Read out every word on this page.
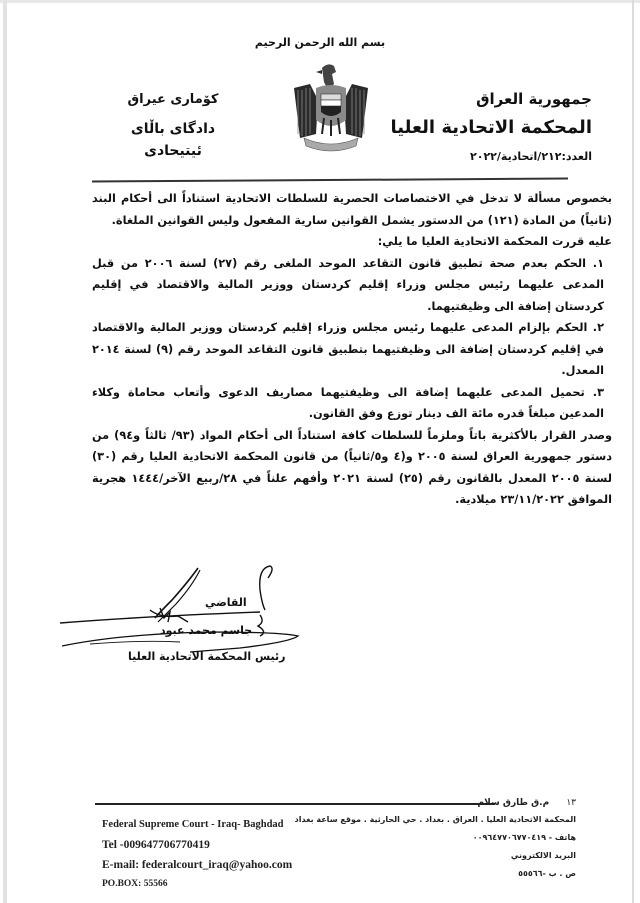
بسم الله الرحمن الرحيم
جمهورية العراق
المحكمة الاتحادية العليا
العدد:٢١٢/اتحادية/٢٠٢٢
کۆماری عیراق
دادگای باڵای ئیتیحادی

بخصوص مسألة لا تدخل في الاختصاصات الحصرية للسلطات الاتحادية استناداً الى أحكام البند (ثانياً) من المادة (١٢١) من الدستور يشمل القوانين سارية المفعول وليس القوانين الملغاة.

عليه قررت المحكمة الاتحادية العليا ما يلي:

١. الحكم بعدم صحة تطبيق قانون التقاعد الموحد الملغى رقم (٢٧) لسنة ٢٠٠٦ من قبل المدعى عليهما رئيس مجلس وزراء إقليم كردستان ووزير المالية والاقتصاد في إقليم كردستان إضافة الى وظيفتيهما.

٢. الحكم بإلزام المدعى عليهما رئيس مجلس وزراء إقليم كردستان ووزير المالية والاقتصاد في إقليم كردستان إضافة الى وظيفتيهما بتطبيق قانون التقاعد الموحد رقم (٩) لسنة ٢٠١٤ المعدل.

٣. تحميل المدعى عليهما إضافة الى وظيفتيهما مصاريف الدعوى وأتعاب محاماة وكلاء المدعين مبلغاً قدره مائة الف دينار توزع وفق القانون.

وصدر القرار بالأكثرية باتاً وملزماً للسلطات كافة استناداً الى أحكام المواد (٩٣/ ثالثاً و٩٤) من دستور جمهورية العراق لسنة ٢٠٠٥ و(٤ و٥/ثانياً) من قانون المحكمة الاتحادية العليا رقم (٣٠) لسنة ٢٠٠٥ المعدل بالقانون رقم (٢٥) لسنة ٢٠٢١ وأفهم علناً في ٢٨/ربيع الآخر/١٤٤٤ هجرية الموافق ٢٣/١١/٢٠٢٢ ميلادية.

القاضي
جاسم محمد عبود
رئيس المحكمة الاتحادية العليا
Federal Supreme Court - Iraq- Baghdad
Tel -009647706770419
E-mail: federalcourt_iraq@yahoo.com
PO.BOX: 55566
١٣ م.ق طارق سلام
المحكمة الاتحادية العليا . العراق . بغداد . حي الحارثية . موقع ساعة بغداد
هاتف - ٠٠٩٦٤٧٧٠٦٧٧٠٤١٩
البريد الالكتروني
ص . ب -٥٥٥٦٦
